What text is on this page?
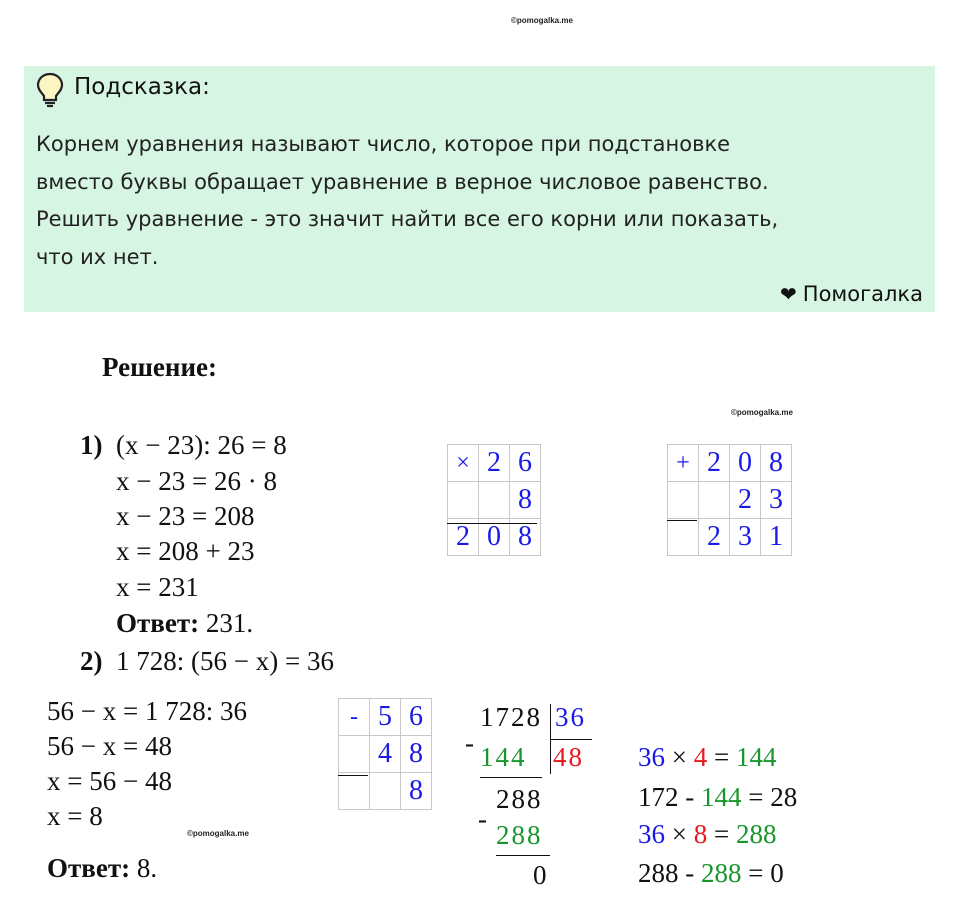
©pomogalka.me
©pomogalka.me
©pomogalka.me
Подсказка:
Корнем уравнения называют число, которое при подстановке
вместо буквы обращает уравнение в верное числовое равенство.
Решить уравнение - это значит найти все его корни или показать,
что их нет.
❤ Помогалка
Решение:
1) (x − 23): 26 = 8
x − 23 = 26 · 8
x − 23 = 208
x = 208 + 23
x = 231
Ответ: 231.
2) 1 728: (56 − x) = 36
56 − x = 1 728: 36
56 − x = 48
x = 56 − 48
x = 8
Ответ: 8.
×	2	6
		8
2	0	8
+	2	0	8
		2	3
	2	3	1
-	5	6
	4	8
		8
1728 36
- 144 48
288
-
288
0
36 × 4 = 144
172 - 144 = 28
36 × 8 = 288
288 - 288 = 0
